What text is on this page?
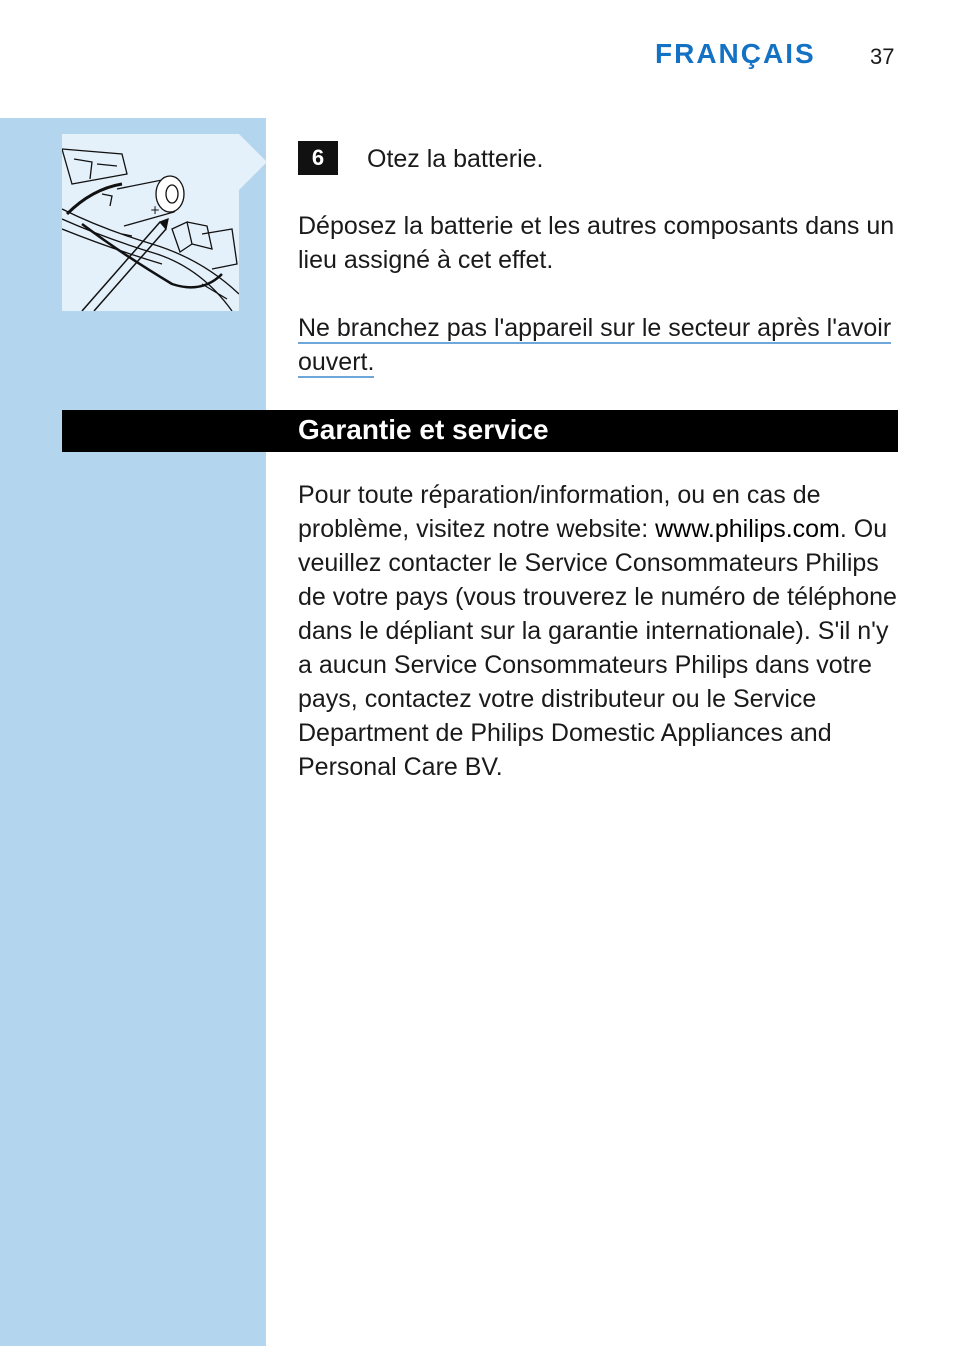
FRANÇAIS 37
+
6	Otez la batterie.
Déposez la batterie et les autres composants dans un lieu assigné à cet effet.
Ne branchez pas l'appareil sur le secteur après l'avoir ouvert.
Garantie et service
Pour toute réparation/information, ou en cas de problème, visitez notre website: www.philips.com. Ou veuillez contacter le Service Consommateurs Philips de votre pays (vous trouverez le numéro de téléphone dans le dépliant sur la garantie internationale). S'il n'y a aucun Service Consommateurs Philips dans votre pays, contactez votre distributeur ou le Service Department de Philips Domestic Appliances and Personal Care BV.
